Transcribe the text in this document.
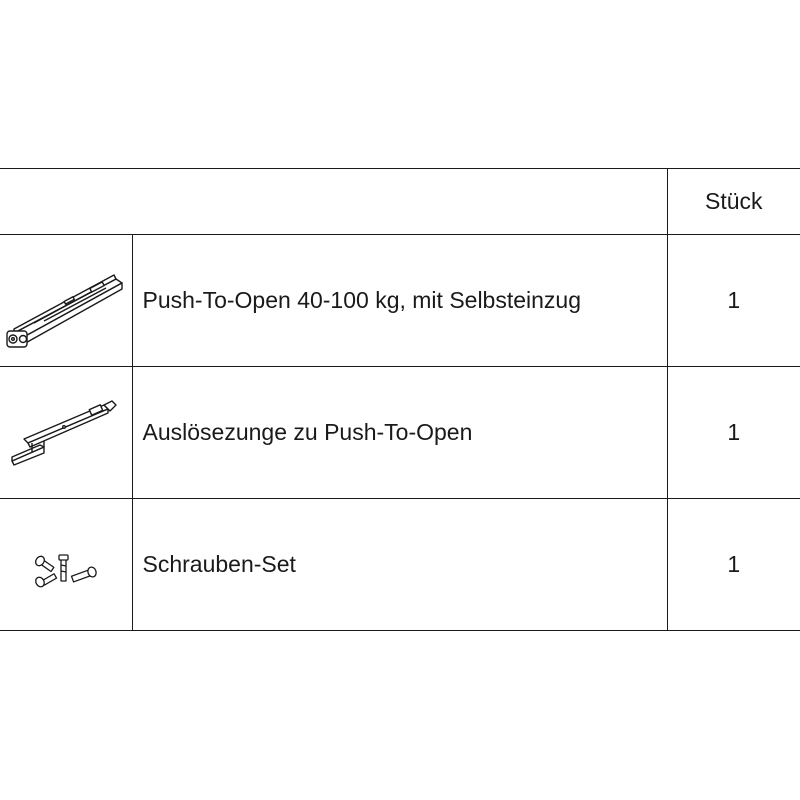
		Stück

	Push-To-Open 40-100 kg, mit Selbsteinzug	1

	Auslösezunge zu Push-To-Open	1

	Schrauben-Set	1
